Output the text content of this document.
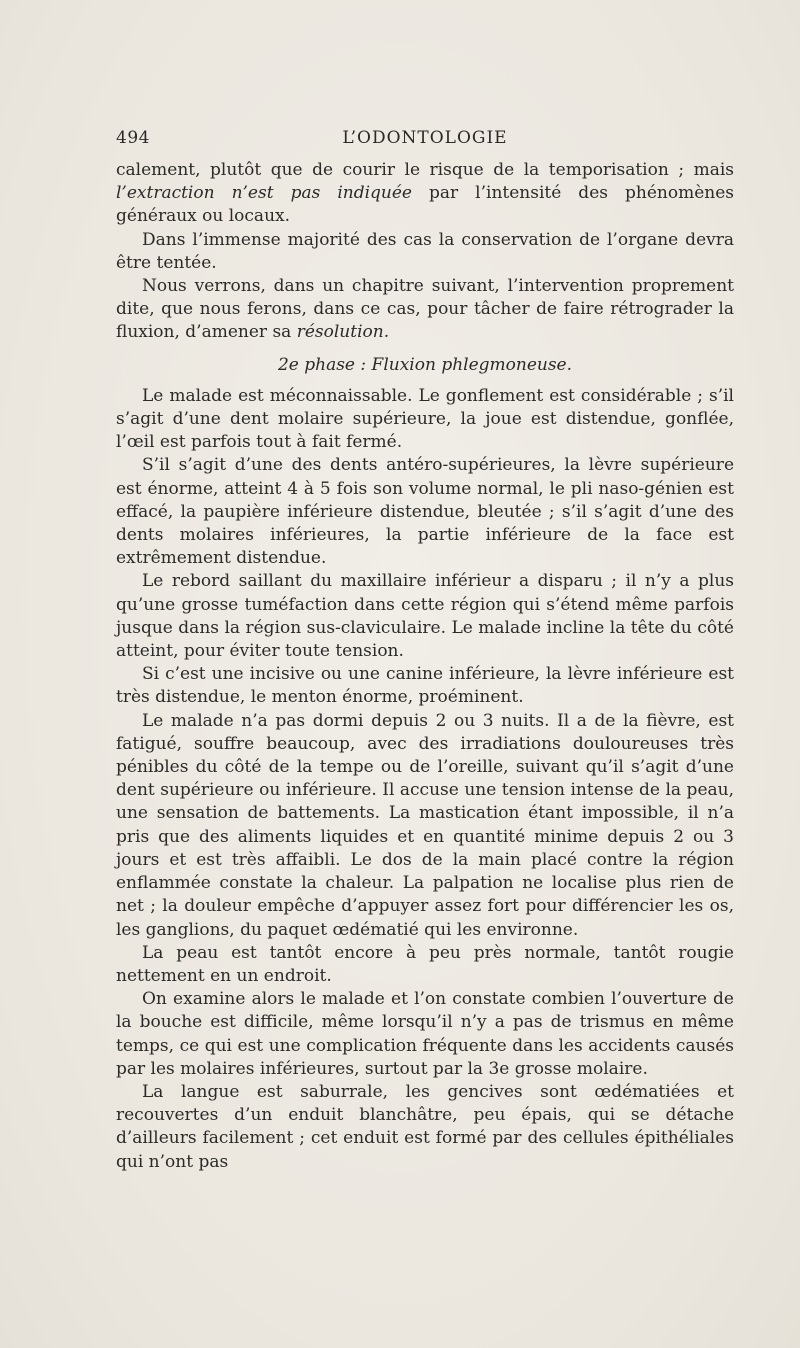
494	L’ODONTOLOGIE

calement, plutôt que de courir le risque de la temporisation ; mais l’extraction n’est pas indiquée par l’intensité des phénomènes généraux ou locaux.

Dans l’immense majorité des cas la conservation de l’organe devra être tentée.

Nous verrons, dans un chapitre suivant, l’intervention proprement dite, que nous ferons, dans ce cas, pour tâcher de faire rétrograder la fluxion, d’amener sa résolution.

2e phase : Fluxion phlegmoneuse.

Le malade est méconnaissable. Le gonflement est considérable ; s’il s’agit d’une dent molaire supérieure, la joue est distendue, gonflée, l’œil est parfois tout à fait fermé.

S’il s’agit d’une des dents antéro-supérieures, la lèvre supérieure est énorme, atteint 4 à 5 fois son volume normal, le pli naso-génien est effacé, la paupière inférieure distendue, bleutée ; s’il s’agit d’une des dents molaires inférieures, la partie inférieure de la face est extrêmement distendue.

Le rebord saillant du maxillaire inférieur a disparu ; il n’y a plus qu’une grosse tuméfaction dans cette région qui s’étend même parfois jusque dans la région sus-claviculaire. Le malade incline la tête du côté atteint, pour éviter toute tension.

Si c’est une incisive ou une canine inférieure, la lèvre inférieure est très distendue, le menton énorme, proéminent.

Le malade n’a pas dormi depuis 2 ou 3 nuits. Il a de la fièvre, est fatigué, souffre beaucoup, avec des irradiations douloureuses très pénibles du côté de la tempe ou de l’oreille, suivant qu’il s’agit d’une dent supérieure ou inférieure. Il accuse une tension intense de la peau, une sensation de battements. La mastication étant impossible, il n’a pris que des aliments liquides et en quantité minime depuis 2 ou 3 jours et est très affaibli. Le dos de la main placé contre la région enflammée constate la chaleur. La palpation ne localise plus rien de net ; la douleur empêche d’appuyer assez fort pour différencier les os, les ganglions, du paquet œdématié qui les environne.

La peau est tantôt encore à peu près normale, tantôt rougie nettement en un endroit.

On examine alors le malade et l’on constate combien l’ouverture de la bouche est difficile, même lorsqu’il n’y a pas de trismus en même temps, ce qui est une complication fréquente dans les accidents causés par les molaires inférieures, surtout par la 3e grosse molaire.

La langue est saburrale, les gencives sont œdématiées et recouvertes d’un enduit blanchâtre, peu épais, qui se détache d’ailleurs facilement ; cet enduit est formé par des cellules épithéliales qui n’ont pas
